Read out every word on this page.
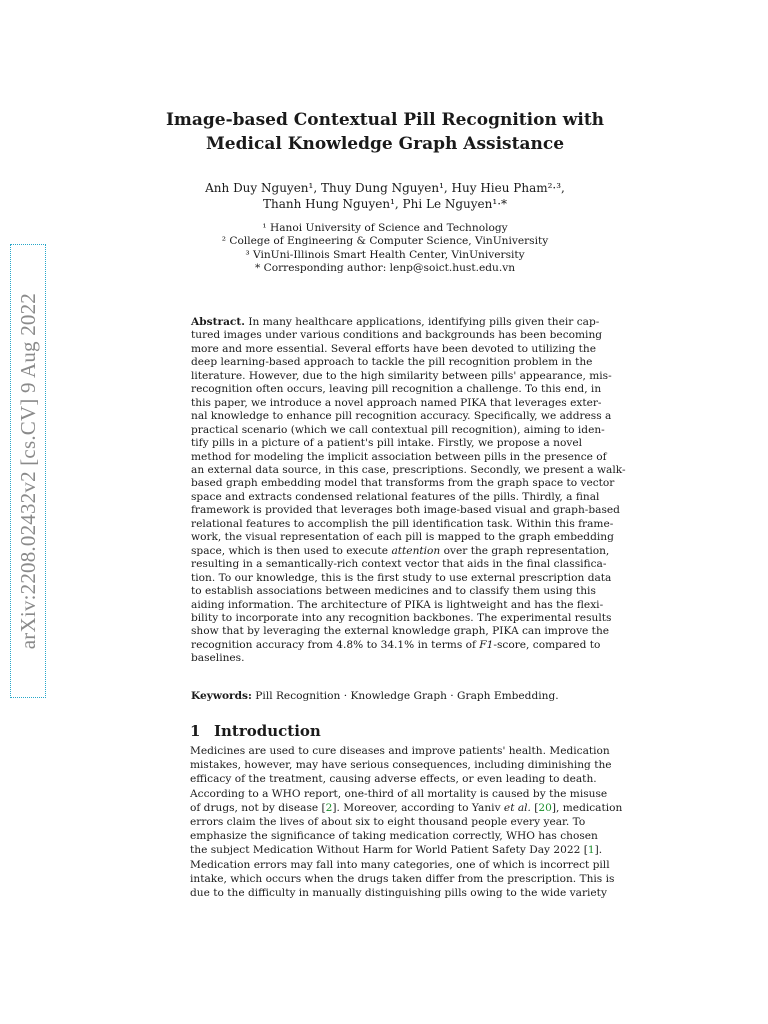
arXiv:2208.02432v2 [cs.CV] 9 Aug 2022
Image-based Contextual Pill Recognition with
Medical Knowledge Graph Assistance
Anh Duy Nguyen¹, Thuy Dung Nguyen¹, Huy Hieu Pham²·³,
Thanh Hung Nguyen¹, Phi Le Nguyen¹·*
¹ Hanoi University of Science and Technology
² College of Engineering & Computer Science, VinUniversity
³ VinUni-Illinois Smart Health Center, VinUniversity
* Corresponding author: lenp@soict.hust.edu.vn
Abstract. In many healthcare applications, identifying pills given their cap-
tured images under various conditions and backgrounds has been becoming
more and more essential. Several efforts have been devoted to utilizing the
deep learning-based approach to tackle the pill recognition problem in the
literature. However, due to the high similarity between pills' appearance, mis-
recognition often occurs, leaving pill recognition a challenge. To this end, in
this paper, we introduce a novel approach named PIKA that leverages exter-
nal knowledge to enhance pill recognition accuracy. Specifically, we address a
practical scenario (which we call contextual pill recognition), aiming to iden-
tify pills in a picture of a patient's pill intake. Firstly, we propose a novel
method for modeling the implicit association between pills in the presence of
an external data source, in this case, prescriptions. Secondly, we present a walk-
based graph embedding model that transforms from the graph space to vector
space and extracts condensed relational features of the pills. Thirdly, a final
framework is provided that leverages both image-based visual and graph-based
relational features to accomplish the pill identification task. Within this frame-
work, the visual representation of each pill is mapped to the graph embedding
space, which is then used to execute attention over the graph representation,
resulting in a semantically-rich context vector that aids in the final classifica-
tion. To our knowledge, this is the first study to use external prescription data
to establish associations between medicines and to classify them using this
aiding information. The architecture of PIKA is lightweight and has the flexi-
bility to incorporate into any recognition backbones. The experimental results
show that by leveraging the external knowledge graph, PIKA can improve the
recognition accuracy from 4.8% to 34.1% in terms of F1-score, compared to
baselines.

Keywords: Pill Recognition · Knowledge Graph · Graph Embedding.

1 Introduction
Medicines are used to cure diseases and improve patients' health. Medication
mistakes, however, may have serious consequences, including diminishing the
efficacy of the treatment, causing adverse effects, or even leading to death.
According to a WHO report, one-third of all mortality is caused by the misuse
of drugs, not by disease [2]. Moreover, according to Yaniv et al. [20], medication
errors claim the lives of about six to eight thousand people every year. To
emphasize the significance of taking medication correctly, WHO has chosen
the subject Medication Without Harm for World Patient Safety Day 2022 [1].
Medication errors may fall into many categories, one of which is incorrect pill
intake, which occurs when the drugs taken differ from the prescription. This is
due to the difficulty in manually distinguishing pills owing to the wide variety
